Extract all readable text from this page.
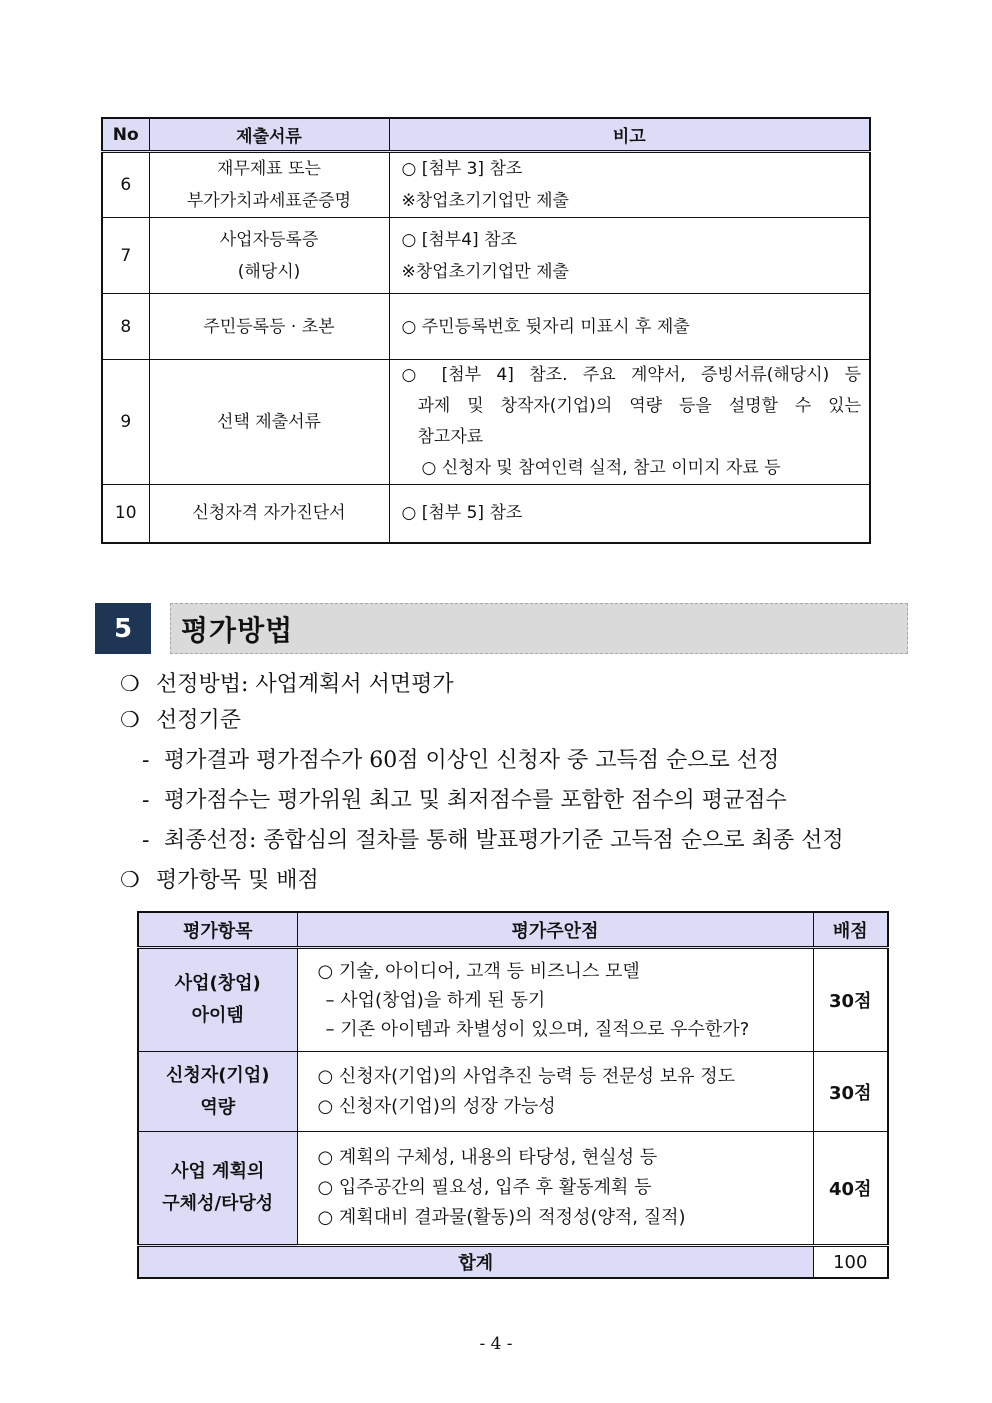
No	제출서류	비고
6	재무제표 또는
부가가치과세표준증명	○ [첨부 3] 참조
※창업초기기업만 제출

7	사업자등록증
(해당시)	○ [첨부4] 참조
※창업초기기업만 제출

8	주민등록등 · 초본	○ 주민등록번호 뒷자리 미표시 후 제출

9	선택 제출서류	○ [첨부 4] 참조. 주요 계약서, 증빙서류(해당시) 등
과제 및 창작자(기업)의 역량 등을 설명할 수 있는
참고자료
○ 신청자 및 참여인력 실적, 참고 이미지 자료 등

10	신청자격 자가진단서	○ [첨부 5] 참조
5	평가방법
❍ 선정방법: 사업계획서 서면평가
❍ 선정기준
- 평가결과 평가점수가 60점 이상인 신청자 중 고득점 순으로 선정
- 평가점수는 평가위원 최고 및 최저점수를 포함한 점수의 평균점수
- 최종선정: 종합심의 절차를 통해 발표평가기준 고득점 순으로 최종 선정
❍ 평가항목 및 배점
평가항목	평가주안점	배점

사업(창업)
아이템	○ 기술, 아이디어, 고객 등 비즈니스 모델
– 사업(창업)을 하게 된 동기
– 기존 아이템과 차별성이 있으며, 질적으로 우수한가?	30점

신청자(기업)
역량	○ 신청자(기업)의 사업추진 능력 등 전문성 보유 정도
○ 신청자(기업)의 성장 가능성	30점

사업 계획의
구체성/타당성	○ 계획의 구체성, 내용의 타당성, 현실성 등
○ 입주공간의 필요성, 입주 후 활동계획 등
○ 계획대비 결과물(활동)의 적정성(양적, 질적)	40점
합계		100
- 4 -
